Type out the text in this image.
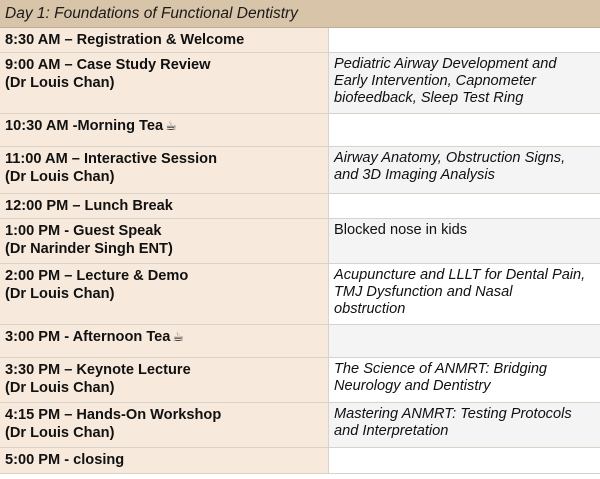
Day 1: Foundations of Functional Dentistry
8:30 AM – Registration & Welcome
9:00 AM – Case Study Review
(Dr Louis Chan)
Pediatric Airway Development and
Early Intervention, Capnometer
biofeedback, Sleep Test Ring
10:30 AM -Morning Tea ☕
11:00 AM – Interactive Session
(Dr Louis Chan)
Airway Anatomy, Obstruction Signs,
and 3D Imaging Analysis
12:00 PM – Lunch Break
1:00 PM - Guest Speak
(Dr Narinder Singh ENT)
Blocked nose in kids
2:00 PM – Lecture & Demo
(Dr Louis Chan)
Acupuncture and LLLT for Dental Pain,
TMJ Dysfunction and Nasal
obstruction
3:00 PM - Afternoon Tea ☕
3:30 PM – Keynote Lecture
(Dr Louis Chan)
The Science of ANMRT: Bridging
Neurology and Dentistry
4:15 PM – Hands-On Workshop
(Dr Louis Chan)
Mastering ANMRT: Testing Protocols
and Interpretation
5:00 PM - closing
